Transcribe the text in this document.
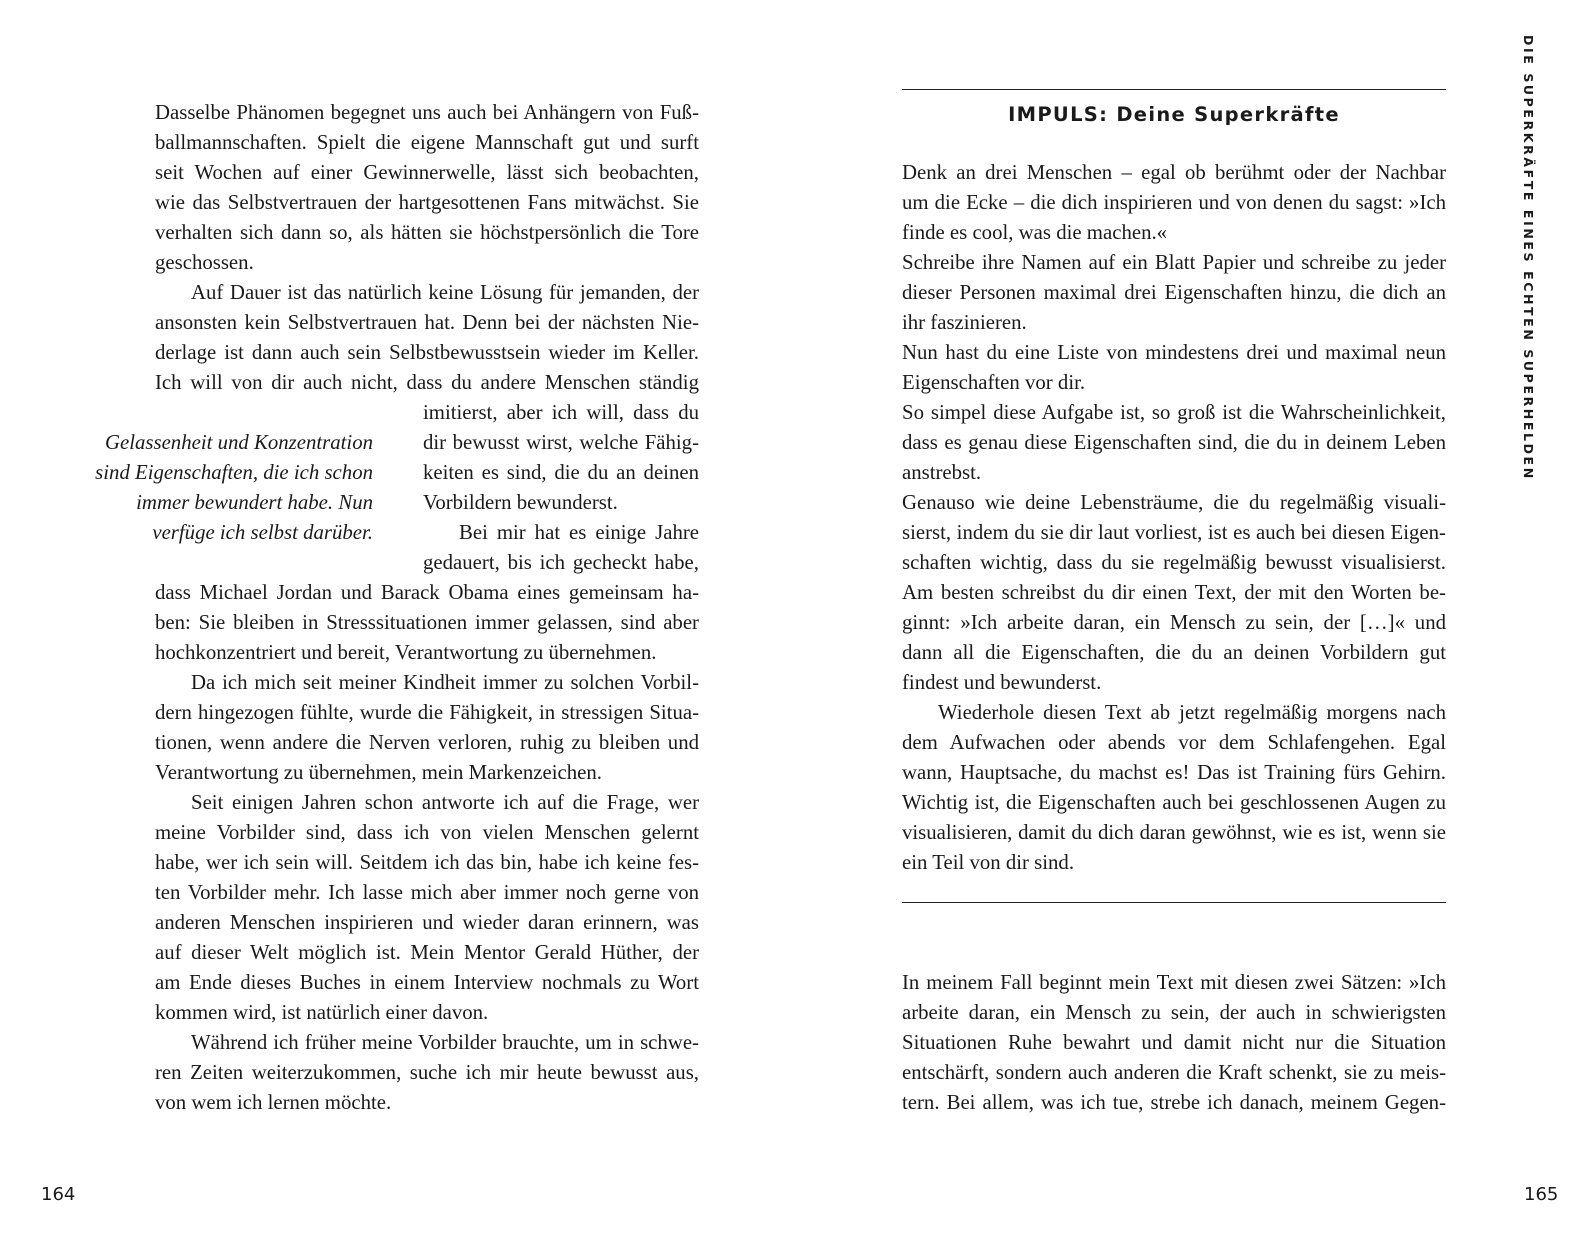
Dasselbe Phänomen begegnet uns auch bei Anhängern von Fuß-
ballmannschaften. Spielt die eigene Mannschaft gut und surft
seit Wochen auf einer Gewinnerwelle, lässt sich beobachten,
wie das Selbstvertrauen der hartgesottenen Fans mitwächst. Sie
verhalten sich dann so, als hätten sie höchstpersönlich die Tore
geschossen.
Auf Dauer ist das natürlich keine Lösung für jemanden, der
ansonsten kein Selbstvertrauen hat. Denn bei der nächsten Nie-
derlage ist dann auch sein Selbstbewusstsein wieder im Keller.
Ich will von dir auch nicht, dass du andere Menschen ständig
imitierst, aber ich will, dass du
dir bewusst wirst, welche Fähig-
keiten es sind, die du an deinen
Vorbildern bewunderst.
Bei mir hat es einige Jahre
gedauert, bis ich gecheckt habe,
dass Michael Jordan und Barack Obama eines gemeinsam ha-
ben: Sie bleiben in Stresssituationen immer gelassen, sind aber
hochkonzentriert und bereit, Verantwortung zu übernehmen.
Da ich mich seit meiner Kindheit immer zu solchen Vorbil-
dern hingezogen fühlte, wurde die Fähigkeit, in stressigen Situa-
tionen, wenn andere die Nerven verloren, ruhig zu bleiben und
Verantwortung zu übernehmen, mein Markenzeichen.
Seit einigen Jahren schon antworte ich auf die Frage, wer
meine Vorbilder sind, dass ich von vielen Menschen gelernt
habe, wer ich sein will. Seitdem ich das bin, habe ich keine fes-
ten Vorbilder mehr. Ich lasse mich aber immer noch gerne von
anderen Menschen inspirieren und wieder daran erinnern, was
auf dieser Welt möglich ist. Mein Mentor Gerald Hüther, der
am Ende dieses Buches in einem Interview nochmals zu Wort
kommen wird, ist natürlich einer davon.
Während ich früher meine Vorbilder brauchte, um in schwe-
ren Zeiten weiterzukommen, suche ich mir heute bewusst aus,
von wem ich lernen möchte.
Gelassenheit und Konzentration
sind Eigenschaften, die ich schon
immer bewundert habe. Nun
verfüge ich selbst darüber.
164
DIE SUPERKRÄFTE EINES ECHTEN SUPERHELDEN
IMPULS: Deine Superkräfte
Denk an drei Menschen – egal ob berühmt oder der Nachbar
um die Ecke – die dich inspirieren und von denen du sagst: »Ich
finde es cool, was die machen.«
Schreibe ihre Namen auf ein Blatt Papier und schreibe zu jeder
dieser Personen maximal drei Eigenschaften hinzu, die dich an
ihr faszinieren.
Nun hast du eine Liste von mindestens drei und maximal neun
Eigenschaften vor dir.
So simpel diese Aufgabe ist, so groß ist die Wahrscheinlichkeit,
dass es genau diese Eigenschaften sind, die du in deinem Leben
anstrebst.
Genauso wie deine Lebensträume, die du regelmäßig visuali-
sierst, indem du sie dir laut vorliest, ist es auch bei diesen Eigen-
schaften wichtig, dass du sie regelmäßig bewusst visualisierst.
Am besten schreibst du dir einen Text, der mit den Worten be-
ginnt: »Ich arbeite daran, ein Mensch zu sein, der […]« und
dann all die Eigenschaften, die du an deinen Vorbildern gut
findest und bewunderst.
Wiederhole diesen Text ab jetzt regelmäßig morgens nach
dem Aufwachen oder abends vor dem Schlafengehen. Egal
wann, Hauptsache, du machst es! Das ist Training fürs Gehirn.
Wichtig ist, die Eigenschaften auch bei geschlossenen Augen zu
visualisieren, damit du dich daran gewöhnst, wie es ist, wenn sie
ein Teil von dir sind.
In meinem Fall beginnt mein Text mit diesen zwei Sätzen: »Ich
arbeite daran, ein Mensch zu sein, der auch in schwierigsten
Situationen Ruhe bewahrt und damit nicht nur die Situation
entschärft, sondern auch anderen die Kraft schenkt, sie zu meis-
tern. Bei allem, was ich tue, strebe ich danach, meinem Gegen-
165
